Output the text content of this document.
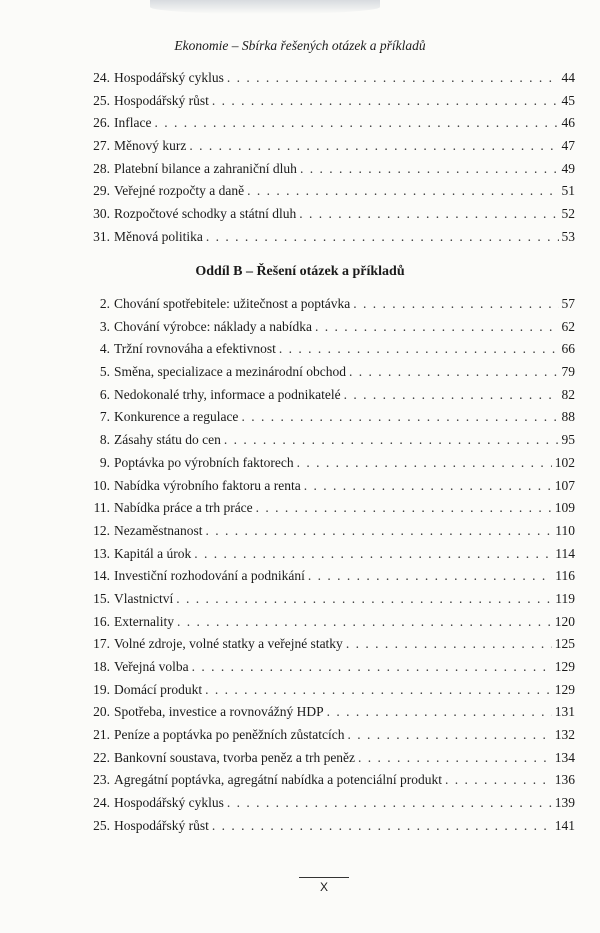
Ekonomie – Sbírka řešených otázek a příkladů
24. Hospodářský cyklus . . .	44
25. Hospodářský růst . . .	45
26. Inflace . . .	46
27. Měnový kurz . . .	47
28. Platební bilance a zahraniční dluh . . .	49
29. Veřejné rozpočty a daně . . .	51
30. Rozpočtové schodky a státní dluh . . .	52
31. Měnová politika . . .	53
Oddíl B – Řešení otázek a příkladů
2. Chování spotřebitele: užitečnost a poptávka . . .	57
3. Chování výrobce: náklady a nabídka . . .	62
4. Tržní rovnováha a efektivnost . . .	66
5. Směna, specializace a mezinárodní obchod . . .	79
6. Nedokonalé trhy, informace a podnikatelé . . .	82
7. Konkurence a regulace . . .	88
8. Zásahy státu do cen . . .	95
9. Poptávka po výrobních faktorech . . .	102
10. Nabídka výrobního faktoru a renta . . .	107
11. Nabídka práce a trh práce . . .	109
12. Nezaměstnanost . . .	110
13. Kapitál a úrok . . .	114
14. Investiční rozhodování a podnikání . . .	116
15. Vlastnictví . . .	119
16. Externality . . .	120
17. Volné zdroje, volné statky a veřejné statky . . .	125
18. Veřejná volba . . .	129
19. Domácí produkt . . .	129
20. Spotřeba, investice a rovnovážný HDP . . .	131
21. Peníze a poptávka po peněžních zůstatcích . . .	132
22. Bankovní soustava, tvorba peněz a trh peněz . . .	134
23. Agregátní poptávka, agregátní nabídka a potenciální produkt . . .	136
24. Hospodářský cyklus . . .	139
25. Hospodářský růst . . .	141
X
